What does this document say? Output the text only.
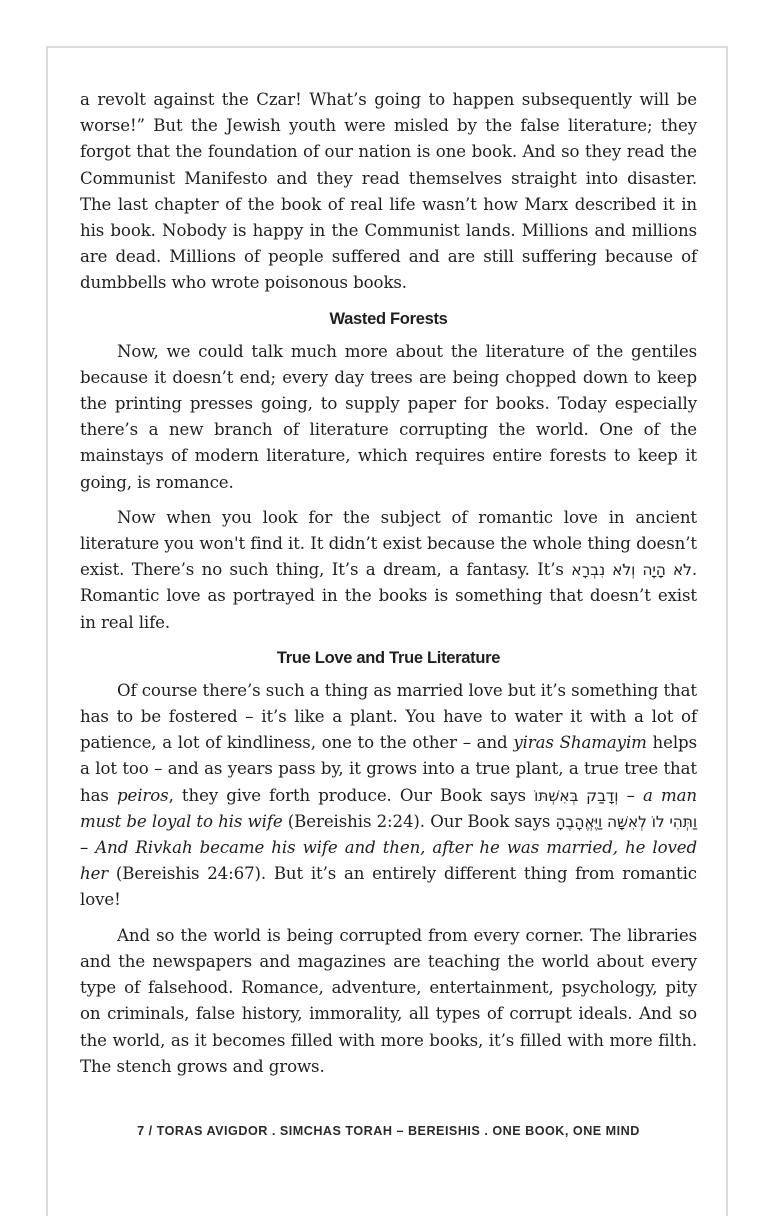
a revolt against the Czar! What’s going to happen subsequently will be worse!” But the Jewish youth were misled by the false literature; they forgot that the foundation of our nation is one book. And so they read the Communist Manifesto and they read themselves straight into disaster. The last chapter of the book of real life wasn’t how Marx described it in his book. Nobody is happy in the Communist lands. Millions and millions are dead. Millions of people suffered and are still suffering because of dumbbells who wrote poisonous books.

Wasted Forests

Now, we could talk much more about the literature of the gentiles because it doesn’t end; every day trees are being chopped down to keep the printing presses going, to supply paper for books. Today especially there’s a new branch of literature corrupting the world. One of the mainstays of modern literature, which requires entire forests to keep it going, is romance.

Now when you look for the subject of romantic love in ancient literature you won't find it. It didn’t exist because the whole thing doesn’t exist. There’s no such thing, It’s a dream, a fantasy. It’s לֹא הָיָה וְלֹא נִבְרָא. Romantic love as portrayed in the books is something that doesn’t exist in real life.

True Love and True Literature

Of course there’s such a thing as married love but it’s something that has to be fostered – it’s like a plant. You have to water it with a lot of patience, a lot of kindliness, one to the other – and yiras Shamayim helps a lot too – and as years pass by, it grows into a true plant, a true tree that has peiros, they give forth produce. Our Book says וְדָבַק בְּאִשְׁתּוֹ – a man must be loyal to his wife (Bereishis 2:24). Our Book says וַתְּהִי לוֹ לְאִשָּׁה וַיֶּאֱהָבֶהָ – And Rivkah became his wife and then, after he was married, he loved her (Bereishis 24:67). But it’s an entirely different thing from romantic love!

And so the world is being corrupted from every corner. The libraries and the newspapers and magazines are teaching the world about every type of falsehood. Romance, adventure, entertainment, psychology, pity on criminals, false history, immorality, all types of corrupt ideals. And so the world, as it becomes filled with more books, it’s filled with more filth. The stench grows and grows.

7 / TORAS AVIGDOR . SIMCHAS TORAH – BEREISHIS . ONE BOOK, ONE MIND
